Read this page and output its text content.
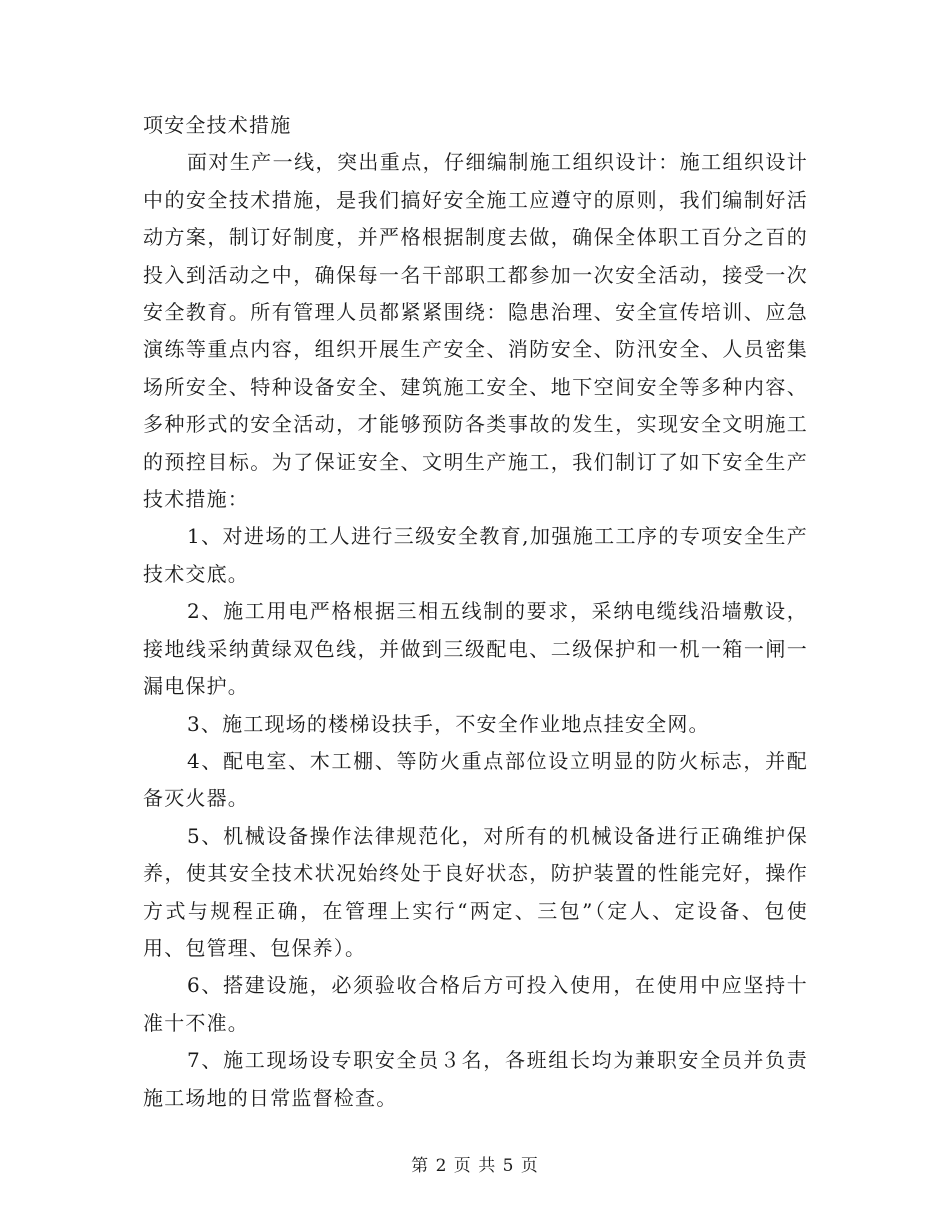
项安全技术措施

面对生产一线，突出重点，仔细编制施工组织设计：施工组织设计中的安全技术措施，是我们搞好安全施工应遵守的原则，我们编制好活动方案，制订好制度，并严格根据制度去做，确保全体职工百分之百的投入到活动之中，确保每一名干部职工都参加一次安全活动，接受一次安全教育。所有管理人员都紧紧围绕：隐患治理、安全宣传培训、应急演练等重点内容，组织开展生产安全、消防安全、防汛安全、人员密集场所安全、特种设备安全、建筑施工安全、地下空间安全等多种内容、多种形式的安全活动，才能够预防各类事故的发生，实现安全文明施工的预控目标。为了保证安全、文明生产施工，我们制订了如下安全生产技术措施：

1、对进场的工人进行三级安全教育,加强施工工序的专项安全生产技术交底。

2、施工用电严格根据三相五线制的要求，采纳电缆线沿墙敷设，接地线采纳黄绿双色线，并做到三级配电、二级保护和一机一箱一闸一漏电保护。

3、施工现场的楼梯设扶手，不安全作业地点挂安全网。

4、配电室、木工棚、等防火重点部位设立明显的防火标志，并配备灭火器。

5、机械设备操作法律规范化，对所有的机械设备进行正确维护保养，使其安全技术状况始终处于良好状态，防护装置的性能完好，操作方式与规程正确，在管理上实行“两定、三包”（定人、定设备、包使用、包管理、包保养）。

6、搭建设施，必须验收合格后方可投入使用，在使用中应坚持十准十不准。

7、施工现场设专职安全员３名，各班组长均为兼职安全员并负责施工场地的日常监督检查。

第 2 页 共 5 页
